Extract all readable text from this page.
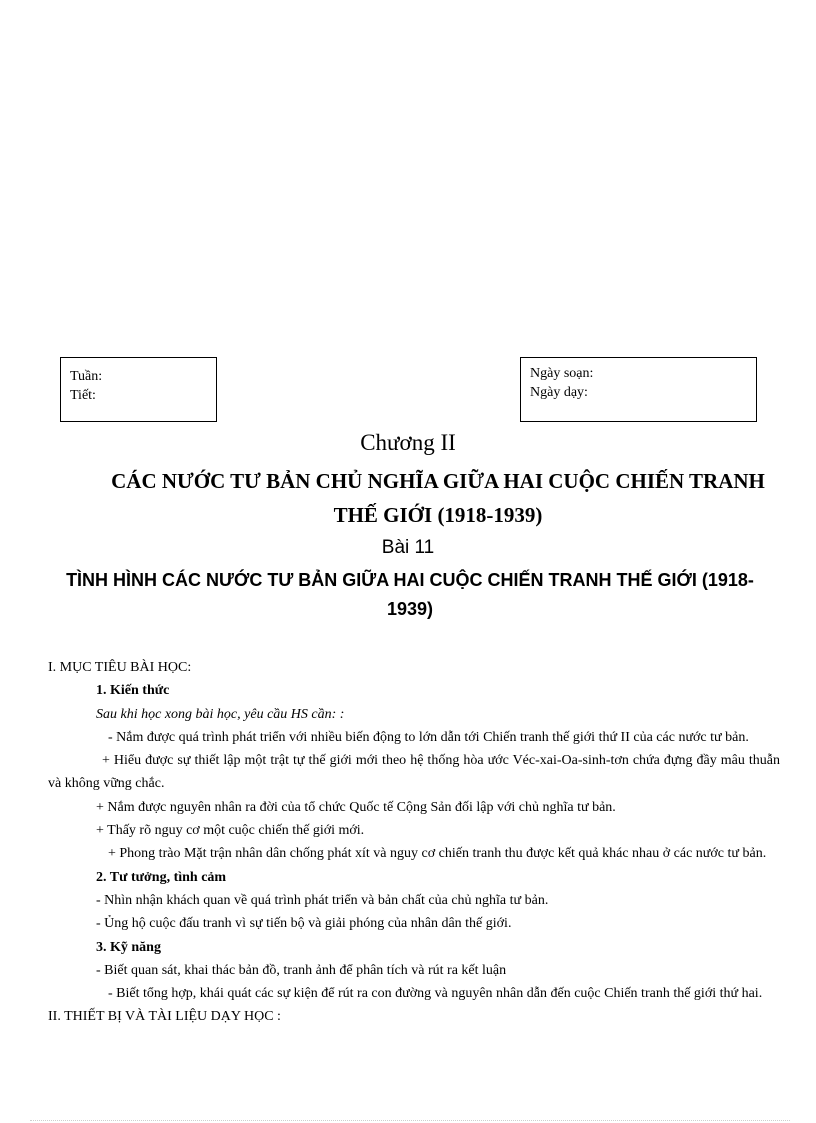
Tuần:
Tiết:
Ngày soạn:
Ngày dạy:
Chương II
CÁC NƯỚC TƯ BẢN CHỦ NGHĨA GIỮA HAI CUỘC CHIẾN TRANH THẾ GIỚI (1918-1939)
Bài 11
TÌNH HÌNH CÁC NƯỚC TƯ BẢN GIỮA HAI CUỘC CHIẾN TRANH THẾ GIỚI (1918-1939)

I. MỤC TIÊU BÀI HỌC:

1. Kiến thức

Sau khi học xong bài học, yêu cầu HS cần: :

- Nắm được quá trình phát triển với nhiều biến động to lớn dẫn tới Chiến tranh thế giới thứ II của các nước tư bản.

+ Hiểu được sự thiết lập một trật tự thế giới mới theo hệ thống hòa ước Véc-xai-Oa-sinh-tơn chứa đựng đầy mâu thuẫn và không vững chắc.

+ Nắm được nguyên nhân ra đời của tổ chức Quốc tế Cộng Sản đối lập với chủ nghĩa tư bản.

+ Thấy rõ nguy cơ một cuộc chiến thế giới mới.

+ Phong trào Mặt trận nhân dân chống phát xít và nguy cơ chiến tranh thu được kết quả khác nhau ở các nước tư bản.

2. Tư tưởng, tình cảm

- Nhìn nhận khách quan về quá trình phát triển và bản chất của chủ nghĩa tư bản.

- Ủng hộ cuộc đấu tranh vì sự tiến bộ và giải phóng của nhân dân thế giới.

3. Kỹ năng

- Biết quan sát, khai thác bản đồ, tranh ảnh để phân tích và rút ra kết luận

- Biết tổng hợp, khái quát các sự kiện để rút ra con đường và nguyên nhân dẫn đến cuộc Chiến tranh thế giới thứ hai.

II. THIẾT BỊ VÀ TÀI LIỆU DẠY HỌC :
